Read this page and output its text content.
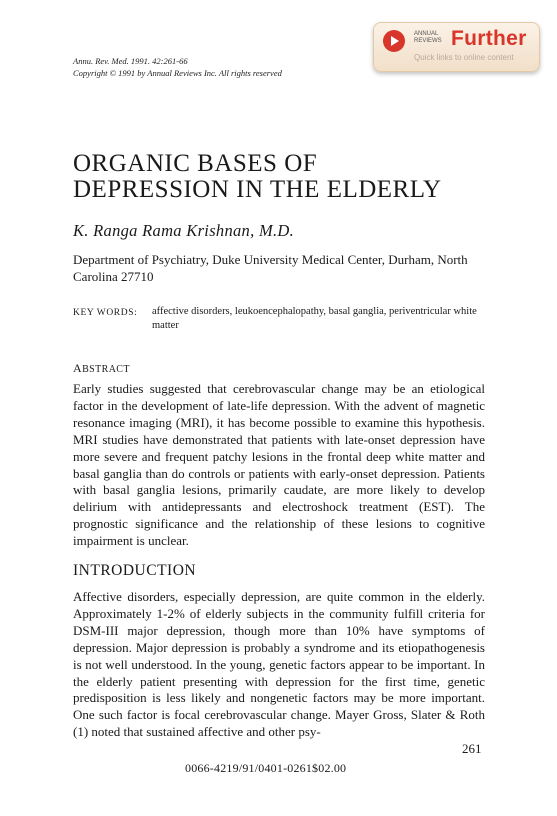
Annu. Rev. Med. 1991. 42:261-66
Copyright © 1991 by Annual Reviews Inc. All rights reserved
ANNUAL
REVIEWS Further
Quick links to online content
ORGANIC BASES OF
DEPRESSION IN THE ELDERLY
K. Ranga Rama Krishnan, M.D.
Department of Psychiatry, Duke University Medical Center, Durham, North Carolina 27710
KEY WORDS: affective disorders, leukoencephalopathy, basal ganglia, periventricular white matter
ABSTRACT
Early studies suggested that cerebrovascular change may be an etiological factor in the development of late-life depression. With the advent of magnetic resonance imaging (MRI), it has become possible to examine this hypothesis. MRI studies have demonstrated that patients with late-onset depression have more severe and frequent patchy lesions in the frontal deep white matter and basal ganglia than do controls or patients with early-onset depression. Patients with basal ganglia lesions, primarily caudate, are more likely to develop delirium with antidepressants and electroshock treatment (EST). The prognostic significance and the relationship of these lesions to cognitive impairment is unclear.
INTRODUCTION
Affective disorders, especially depression, are quite common in the elderly. Approximately 1-2% of elderly subjects in the community fulfill criteria for DSM-III major depression, though more than 10% have symptoms of depression. Major depression is probably a syndrome and its etiopathogenesis is not well understood. In the young, genetic factors appear to be important. In the elderly patient presenting with depression for the first time, genetic predisposition is less likely and nongenetic factors may be more important. One such factor is focal cerebrovascular change. Mayer Gross, Slater & Roth (1) noted that sustained affective and other psy-
261
0066-4219/91/0401-0261$02.00
